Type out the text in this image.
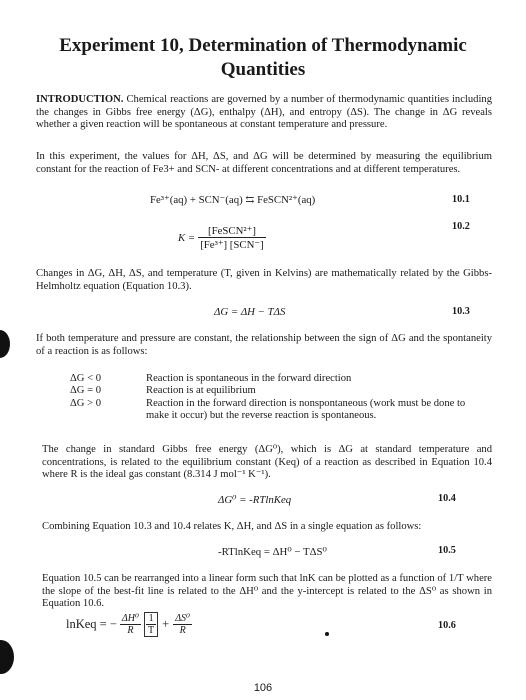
Experiment 10, Determination of Thermodynamic
Quantities
INTRODUCTION. Chemical reactions are governed by a number of thermodynamic quantities including the changes in Gibbs free energy (ΔG), enthalpy (ΔH), and entropy (ΔS). The change in ΔG reveals whether a given reaction will be spontaneous at constant temperature and pressure.
In this experiment, the values for ΔH, ΔS, and ΔG will be determined by measuring the equilibrium constant for the reaction of Fe3+ and SCN- at different concentrations and at different temperatures.
Fe³⁺(aq) + SCN⁻(aq) ⇆ FeSCN²⁺(aq)	10.1
$K = \frac{\text{[FeSCN²⁺]}}{\text{[Fe³⁺] [SCN⁻]}}$	10.2
Changes in ΔG, ΔH, ΔS, and temperature (T, given in Kelvins) are mathematically related by the Gibbs-Helmholtz equation (Equation 10.3).
ΔG = ΔH − TΔS	10.3
If both temperature and pressure are constant, the relationship between the sign of ΔG and the spontaneity of a reaction is as follows:
ΔG < 0	Reaction is spontaneous in the forward direction
ΔG = 0	Reaction is at equilibrium
ΔG > 0	Reaction in the forward direction is nonspontaneous (work must be done to make it occur) but the reverse reaction is spontaneous.
The change in standard Gibbs free energy (ΔG⁰), which is ΔG at standard temperature and concentrations, is related to the equilibrium constant (Keq) of a reaction as described in Equation 10.4 where R is the ideal gas constant (8.314 J mol⁻¹ K⁻¹).
ΔG⁰ = -RTlnKeq	10.4
Combining Equation 10.3 and 10.4 relates K, ΔH, and ΔS in a single equation as follows:
-RTlnKeq = ΔH⁰ − TΔS⁰	10.5
Equation 10.5 can be rearranged into a linear form such that lnK can be plotted as a function of 1/T where the slope of the best-fit line is related to the ΔH⁰ and the y-intercept is related to the ΔS⁰ as shown in Equation 10.6.
lnKeq = − $\frac{\text{ΔH⁰}}{R} \frac{1}{T} + \frac{\text{ΔS⁰}}{R}$	10.6
106
